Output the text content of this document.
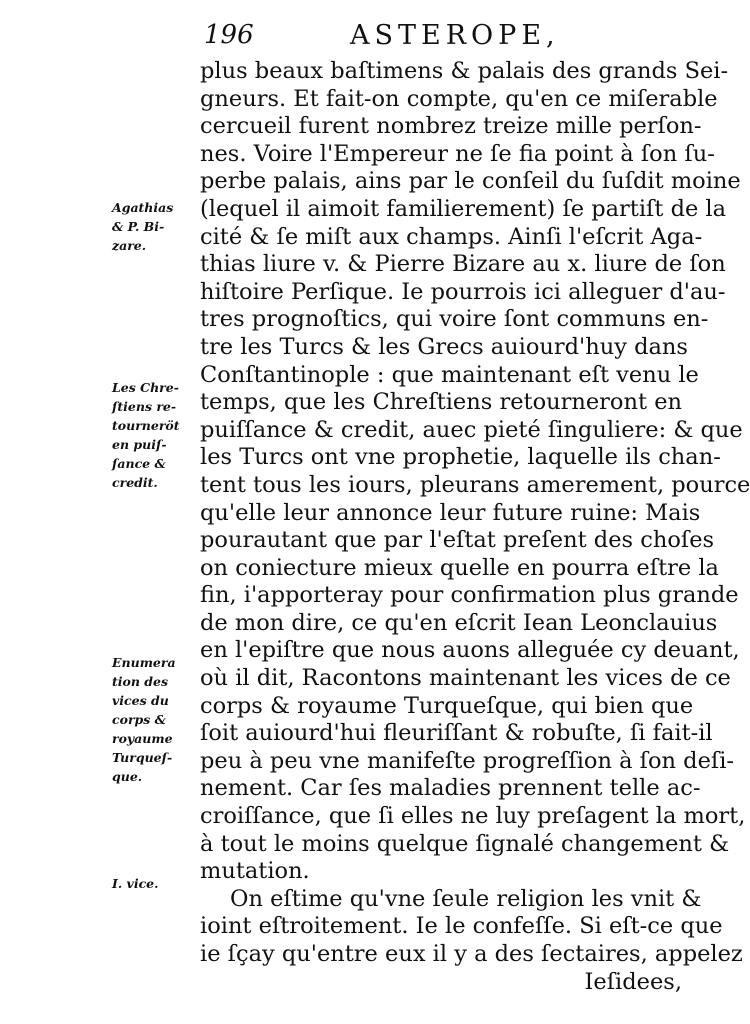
196	ASTEROPE,
plus beaux baſtimens & palais des grands Sei-
gneurs. Et fait-on compte, qu'en ce miſerable
cercueil furent nombrez treize mille perſon-
nes. Voire l'Empereur ne ſe fia point à ſon ſu-
perbe palais, ains par le conſeil du ſuſdit moine
(lequel il aimoit familierement) ſe partiſt de la
cité & ſe miſt aux champs. Ainſi l'eſcrit Aga-
thias liure v. & Pierre Bizare au x. liure de ſon
hiſtoire Perſique. Ie pourrois ici alleguer d'au-
tres prognoſtics, qui voire ſont communs en-
tre les Turcs & les Grecs auiourd'huy dans
Conſtantinople : que maintenant eſt venu le
temps, que les Chreſtiens retourneront en
puiſſance & credit, auec pieté ſinguliere: & que
les Turcs ont vne prophetie, laquelle ils chan-
tent tous les iours, pleurans amerement, pource
qu'elle leur annonce leur future ruine: Mais
pourautant que par l'eſtat preſent des choſes
on coniecture mieux quelle en pourra eſtre la
fin, i'apporteray pour confirmation plus grande
de mon dire, ce qu'en eſcrit Iean Leonclauius
en l'epiſtre que nous auons alleguée cy deuant,
où il dit, Racontons maintenant les vices de ce
corps & royaume Turqueſque, qui bien que
ſoit auiourd'hui fleuriſſant & robuſte, ſi fait-il
peu à peu vne manifeſte progreſſion à ſon deſi-
nement. Car ſes maladies prennent telle ac-
croiſſance, que ſi elles ne luy preſagent la mort,
à tout le moins quelque ſignalé changement &
mutation.
On eſtime qu'vne ſeule religion les vnit &
ioint eſtroitement. Ie le confeſſe. Si eſt-ce que
ie ſçay qu'entre eux il y a des ſectaires, appelez
Ieſidees,
Agathias
& P. Bi-
zare.
Les Chre-
ſtiens re-
tourneröt
en puiſ-
ſance &
credit.
Enumera
tion des
vices du
corps &
royaume
Turqueſ-
que.
I. vice.
